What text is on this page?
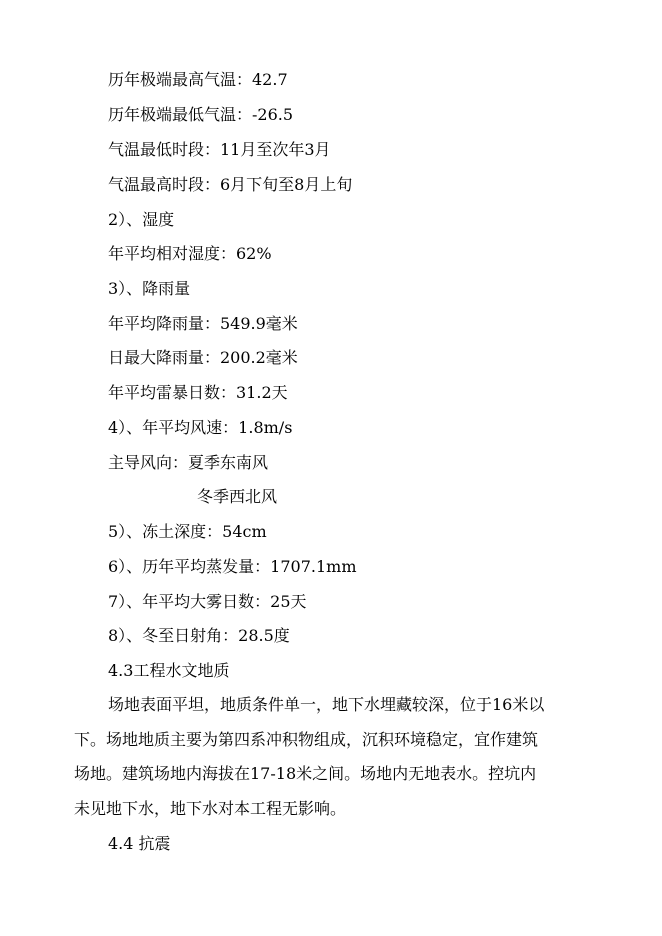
历年极端最高气温：42.7
历年极端最低气温：-26.5
气温最低时段：11月至次年3月
气温最高时段：6月下旬至8月上旬
2）、湿度
年平均相对湿度：62%
3）、降雨量
年平均降雨量：549.9毫米
日最大降雨量：200.2毫米
年平均雷暴日数：31.2天
4）、年平均风速：1.8m/s
主导风向：夏季东南风
冬季西北风
5）、冻土深度：54cm
6）、历年平均蒸发量：1707.1mm
7）、年平均大雾日数：25天
8）、冬至日射角：28.5度
4.3工程水文地质
场地表面平坦，地质条件单一，地下水埋藏较深，位于16米以
下。场地地质主要为第四系冲积物组成，沉积环境稳定，宜作建筑
场地。建筑场地内海拔在17-18米之间。场地内无地表水。控坑内
未见地下水，地下水对本工程无影响。
4.4 抗震
